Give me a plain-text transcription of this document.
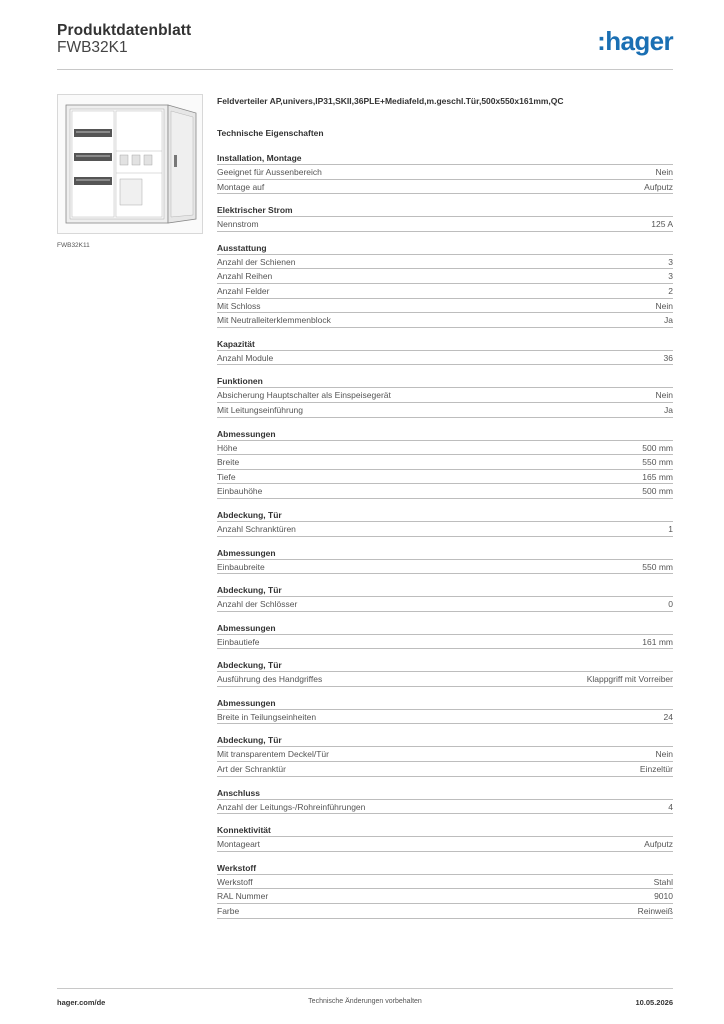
Produktdatenblatt
FWB32K1	:hager
FWB32K11
Feldverteiler AP,univers,IP31,SKII,36PLE+Mediafeld,m.geschl.Tür,500x550x161mm,QC
Technische Eigenschaften
Installation, Montage
Geeignet für Aussenbereich	Nein
Montage auf	Aufputz
Elektrischer Strom
Nennstrom	125 A
Ausstattung
Anzahl der Schienen	3
Anzahl Reihen	3
Anzahl Felder	2
Mit Schloss	Nein
Mit Neutralleiterklemmenblock	Ja
Kapazität
Anzahl Module	36
Funktionen
Absicherung Hauptschalter als Einspeisegerät	Nein
Mit Leitungseinführung	Ja
Abmessungen
Höhe	500 mm
Breite	550 mm
Tiefe	165 mm
Einbauhöhe	500 mm
Abdeckung, Tür
Anzahl Schranktüren	1
Abmessungen
Einbaubreite	550 mm
Abdeckung, Tür
Anzahl der Schlösser	0
Abmessungen
Einbautiefe	161 mm
Abdeckung, Tür
Ausführung des Handgriffes	Klappgriff mit Vorreiber
Abmessungen
Breite in Teilungseinheiten	24
Abdeckung, Tür
Mit transparentem Deckel/Tür	Nein
Art der Schranktür	Einzeltür
Anschluss
Anzahl der Leitungs-/Rohreinführungen	4
Konnektivität
Montageart	Aufputz
Werkstoff
Werkstoff	Stahl
RAL Nummer	9010
Farbe	Reinweiß
hager.com/de	Technische Änderungen vorbehalten	10.05.2026
